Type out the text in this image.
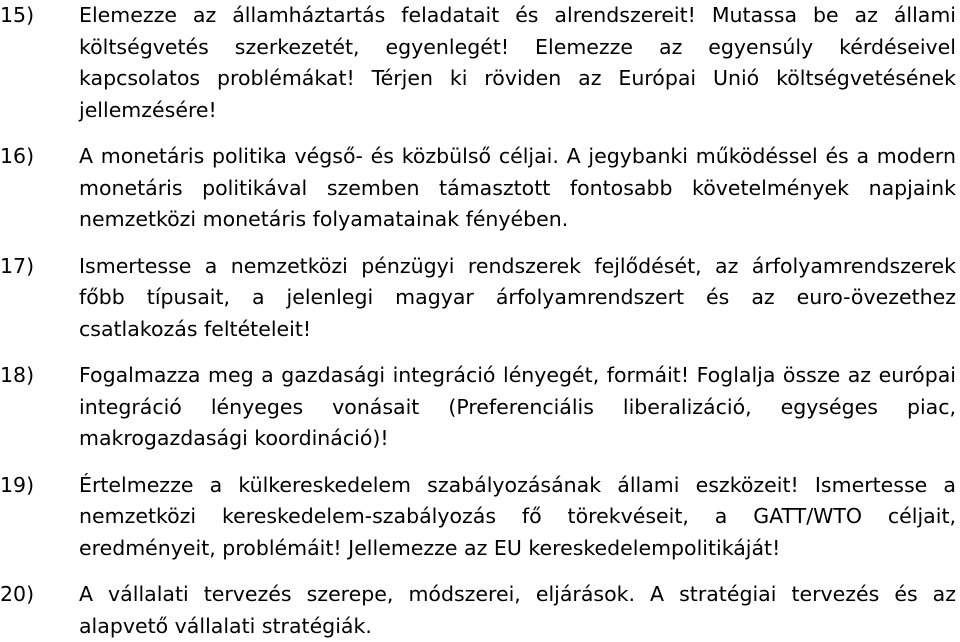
15)	Elemezze az államháztartás feladatait és alrendszereit! Mutassa be az állami költségvetés szerkezetét, egyenlegét! Elemezze az egyensúly kérdéseivel kapcsolatos problémákat! Térjen ki röviden az Európai Unió költségvetésének jellemzésére!
16)	A monetáris politika végső- és közbülső céljai. A jegybanki működéssel és a modern monetáris politikával szemben támasztott fontosabb követelmények napjaink nemzetközi monetáris folyamatainak fényében.
17)	Ismertesse a nemzetközi pénzügyi rendszerek fejlődését, az árfolyamrendszerek főbb típusait, a jelenlegi magyar árfolyamrendszert és az euro-övezethez csatlakozás feltételeit!
18)	Fogalmazza meg a gazdasági integráció lényegét, formáit! Foglalja össze az európai integráció lényeges vonásait (Preferenciális liberalizáció, egységes piac, makrogazdasági koordináció)!
19)	Értelmezze a külkereskedelem szabályozásának állami eszközeit! Ismertesse a nemzetközi kereskedelem-szabályozás fő törekvéseit, a GATT/WTO céljait, eredményeit, problémáit! Jellemezze az EU kereskedelempolitikáját!
20)	A vállalati tervezés szerepe, módszerei, eljárások. A stratégiai tervezés és az alapvető vállalati stratégiák.
